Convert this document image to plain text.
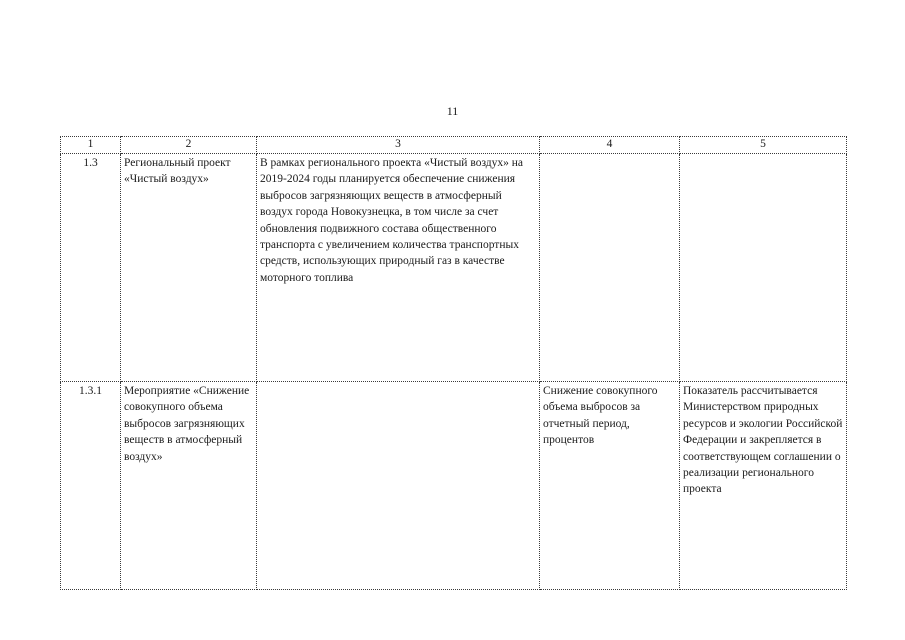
11
1	2	3	4	5
1.3	Региональный проект «Чистый воздух»	В рамках регионального проекта «Чистый воздух» на 2019-2024 годы планируется обеспечение снижения выбросов загрязняющих веществ в атмосферный воздух города Новокузнецка, в том числе за счет обновления подвижного состава общественного транспорта с увеличением количества транспортных средств, использующих природный газ в качестве моторного топлива		
1.3.1	Мероприятие «Снижение совокупного объема выбросов загрязняющих веществ в атмосферный воздух»		Снижение совокупного объема выбросов за отчетный период, процентов	Показатель рассчитывается Министерством природных ресурсов и экологии Российской Федерации и закрепляется в соответствующем соглашении о реализации регионального проекта
